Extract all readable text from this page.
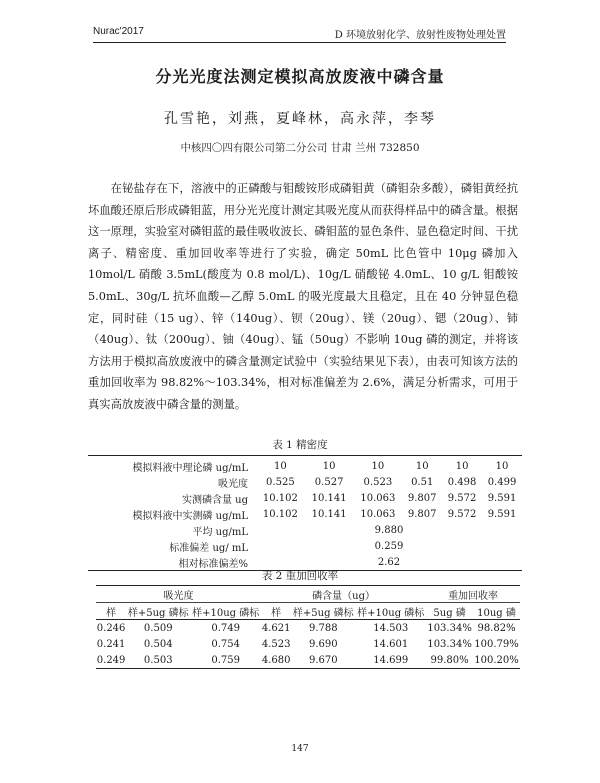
Nurac'2017	D 环境放射化学、放射性废物处理处置
分光光度法测定模拟高放废液中磷含量
孔雪艳，刘燕，夏峰林，高永萍，李琴
中核四〇四有限公司第二分公司 甘肃 兰州 732850

在铋盐存在下，溶液中的正磷酸与钼酸铵形成磷钼黄（磷钼杂多酸），磷钼黄经抗坏血酸还原后形成磷钼蓝，用分光光度计测定其吸光度从而获得样品中的磷含量。根据这一原理，实验室对磷钼蓝的最佳吸收波长、磷钼蓝的显色条件、显色稳定时间、干扰离子、精密度、重加回收率等进行了实验，确定 50mL 比色管中 10μg 磷加入 10mol/L 硝酸 3.5mL(酸度为 0.8 mol/L)、10g/L 硝酸铋 4.0mL、10 g/L 钼酸铵 5.0mL、30g/L 抗坏血酸—乙醇 5.0mL 的吸光度最大且稳定，且在 40 分钟显色稳定，同时硅（15 ug）、锌（140ug）、钡（20ug）、镁（20ug）、锶（20ug）、铈（40ug）、钛（200ug）、铀（40ug）、锰（50ug）不影响 10ug 磷的测定，并将该方法用于模拟高放废液中的磷含量测定试验中（实验结果见下表），由表可知该方法的重加回收率为 98.82%～103.34%，相对标准偏差为 2.6%，满足分析需求，可用于真实高放废液中磷含量的测量。

表 1 精密度
模拟料液中理论磷 ug/mL	10	10	10	10	10	10
吸光度	0.525	0.527	0.523	0.51	0.498	0.499
实测磷含量 ug	10.102	10.141	10.063	9.807	9.572	9.591
模拟料液中实测磷 ug/mL	10.102	10.141	10.063	9.807	9.572	9.591
平均 ug/mL	9.880					
标准偏差 ug/ mL	0.259					
相对标准偏差%	2.62					
表 2 重加回收率
吸光度			磷含量（ug）			重加回收率	
样	样+5ug 磷标	样+10ug 磷标	样	样+5ug 磷标	样+10ug 磷标	5ug 磷	10ug 磷
0.246	0.509	0.749	4.621	9.788	14.503	103.34%	98.82%
0.241	0.504	0.754	4.523	9.690	14.601	103.34%	100.79%
0.249	0.503	0.759	4.680	9.670	14.699	99.80%	100.20%
147
